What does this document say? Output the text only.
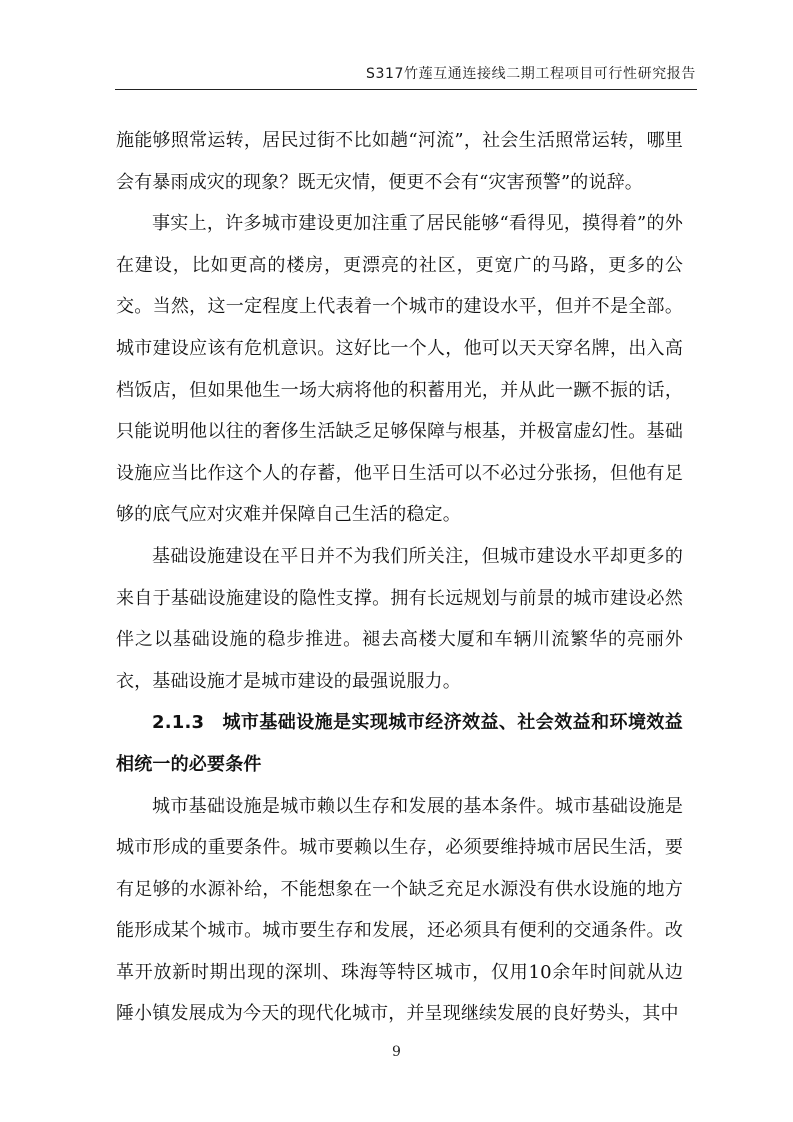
S317竹莲互通连接线二期工程项目可行性研究报告

施能够照常运转，居民过街不比如趟“河流”，社会生活照常运转，哪里会有暴雨成灾的现象？既无灾情，便更不会有“灾害预警”的说辞。

事实上，许多城市建设更加注重了居民能够“看得见，摸得着”的外在建设，比如更高的楼房，更漂亮的社区，更宽广的马路，更多的公交。当然，这一定程度上代表着一个城市的建设水平，但并不是全部。城市建设应该有危机意识。这好比一个人，他可以天天穿名牌，出入高档饭店，但如果他生一场大病将他的积蓄用光，并从此一蹶不振的话，只能说明他以往的奢侈生活缺乏足够保障与根基，并极富虚幻性。基础设施应当比作这个人的存蓄，他平日生活可以不必过分张扬，但他有足够的底气应对灾难并保障自己生活的稳定。

基础设施建设在平日并不为我们所关注，但城市建设水平却更多的来自于基础设施建设的隐性支撑。拥有长远规划与前景的城市建设必然伴之以基础设施的稳步推进。褪去高楼大厦和车辆川流繁华的亮丽外衣，基础设施才是城市建设的最强说服力。

2.1.3 城市基础设施是实现城市经济效益、社会效益和环境效益相统一的必要条件

城市基础设施是城市赖以生存和发展的基本条件。城市基础设施是城市形成的重要条件。城市要赖以生存，必须要维持城市居民生活，要有足够的水源补给，不能想象在一个缺乏充足水源没有供水设施的地方能形成某个城市。城市要生存和发展，还必须具有便利的交通条件。改革开放新时期出现的深圳、珠海等特区城市，仅用10余年时间就从边陲小镇发展成为今天的现代化城市，并呈现继续发展的良好势头，其中

9
